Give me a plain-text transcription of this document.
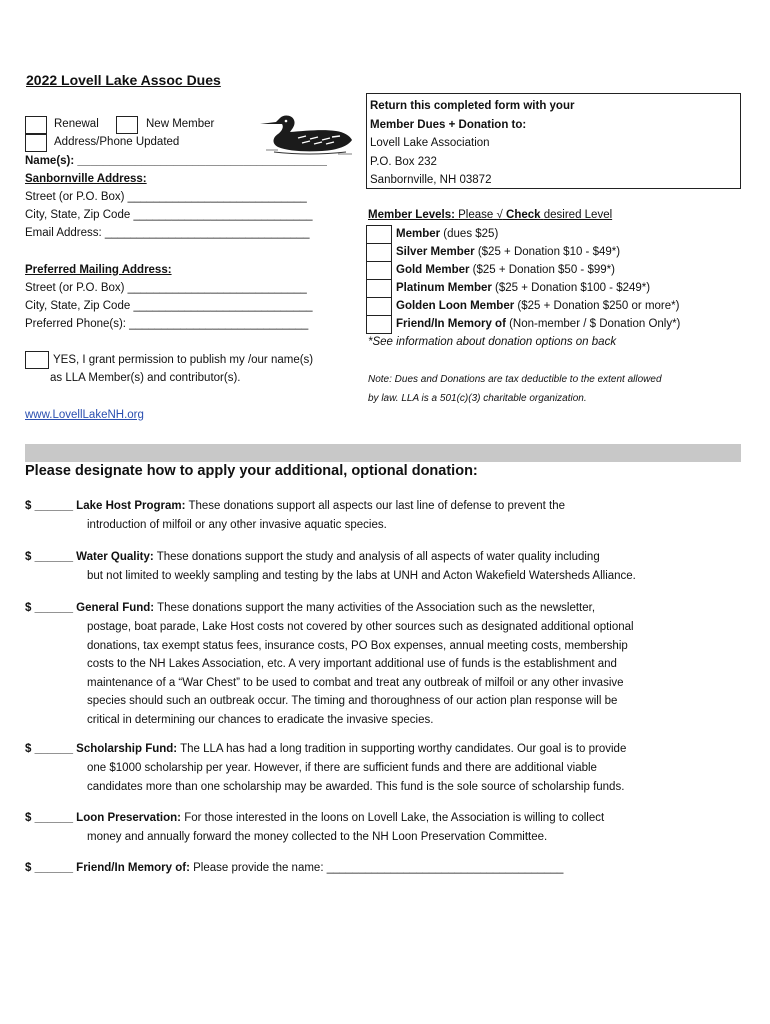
2022 Lovell Lake Assoc Dues
Renewal	New Member
Address/Phone Updated
Name(s): _______________________________________
Sanbornville Address:
Street (or P.O. Box) ____________________________
City, State, Zip Code ____________________________
Email Address: ________________________________
Preferred Mailing Address:
Street (or P.O. Box) ____________________________
City, State, Zip Code ____________________________
Preferred Phone(s): ____________________________
YES, I grant permission to publish my /our name(s)
as LLA Member(s) and contributor(s).
www.LovellLakeNH.org
Return this completed form with your
Member Dues + Donation to:
Lovell Lake Association
P.O. Box 232
Sanbornville, NH 03872
Member Levels: Please √ Check desired Level
Member (dues $25)
Silver Member ($25 + Donation $10 - $49*)
Gold Member ($25 + Donation $50 - $99*)
Platinum Member ($25 + Donation $100 - $249*)
Golden Loon Member ($25 + Donation $250 or more*)
Friend/In Memory of (Non-member / $ Donation Only*)
*See information about donation options on back
Note: Dues and Donations are tax deductible to the extent allowed
by law. LLA is a 501(c)(3) charitable organization.
Please designate how to apply your additional, optional donation:
$ ______ Lake Host Program: These donations support all aspects our last line of defense to prevent the
introduction of milfoil or any other invasive aquatic species.
$ ______ Water Quality: These donations support the study and analysis of all aspects of water quality including
but not limited to weekly sampling and testing by the labs at UNH and Acton Wakefield Watersheds Alliance.
$ ______ General Fund: These donations support the many activities of the Association such as the newsletter,
postage, boat parade, Lake Host costs not covered by other sources such as designated additional optional
donations, tax exempt status fees, insurance costs, PO Box expenses, annual meeting costs, membership
costs to the NH Lakes Association, etc. A very important additional use of funds is the establishment and
maintenance of a “War Chest” to be used to combat and treat any outbreak of milfoil or any other invasive
species should such an outbreak occur. The timing and thoroughness of our action plan response will be
critical in determining our chances to eradicate the invasive species.
$ ______ Scholarship Fund: The LLA has had a long tradition in supporting worthy candidates. Our goal is to provide
one $1000 scholarship per year. However, if there are sufficient funds and there are additional viable
candidates more than one scholarship may be awarded. This fund is the sole source of scholarship funds.
$ ______ Loon Preservation: For those interested in the loons on Lovell Lake, the Association is willing to collect
money and annually forward the money collected to the NH Loon Preservation Committee.
$ ______ Friend/In Memory of: Please provide the name: _____________________________________
